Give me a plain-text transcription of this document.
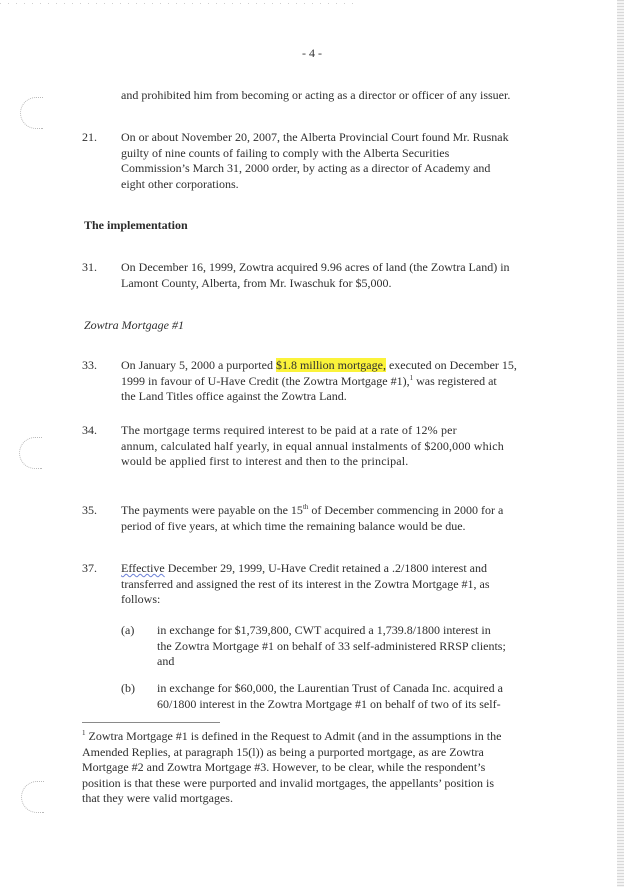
- 4 -
and prohibited him from becoming or acting as a director or officer of any issuer.
21. On or about November 20, 2007, the Alberta Provincial Court found Mr. Rusnak
guilty of nine counts of failing to comply with the Alberta Securities
Commission’s March 31, 2000 order, by acting as a director of Academy and
eight other corporations.
The implementation
31. On December 16, 1999, Zowtra acquired 9.96 acres of land (the Zowtra Land) in
Lamont County, Alberta, from Mr. Iwaschuk for $5,000.
Zowtra Mortgage #1
33. On January 5, 2000 a purported $1.8 million mortgage, executed on December 15,
1999 in favour of U-Have Credit (the Zowtra Mortgage #1),$^1$ was registered at
the Land Titles office against the Zowtra Land.
34. The mortgage terms required interest to be paid at a rate of 12% per
annum, calculated half yearly, in equal annual instalments of $200,000 which
would be applied first to interest and then to the principal.
35. The payments were payable on the 15th of December commencing in 2000 for a
period of five years, at which time the remaining balance would be due.
37. Effective December 29, 1999, U-Have Credit retained a .2/1800 interest and
transferred and assigned the rest of its interest in the Zowtra Mortgage #1, as
follows:
(a) in exchange for $1,739,800, CWT acquired a 1,739.8/1800 interest in
the Zowtra Mortgage #1 on behalf of 33 self-administered RRSP clients;
and
(b) in exchange for $60,000, the Laurentian Trust of Canada Inc. acquired a
60/1800 interest in the Zowtra Mortgage #1 on behalf of two of its self-
$^1$ Zowtra Mortgage #1 is defined in the Request to Admit (and in the assumptions in the
Amended Replies, at paragraph 15(l)) as being a purported mortgage, as are Zowtra
Mortgage #2 and Zowtra Mortgage #3. However, to be clear, while the respondent’s
position is that these were purported and invalid mortgages, the appellants’ position is
that they were valid mortgages.
